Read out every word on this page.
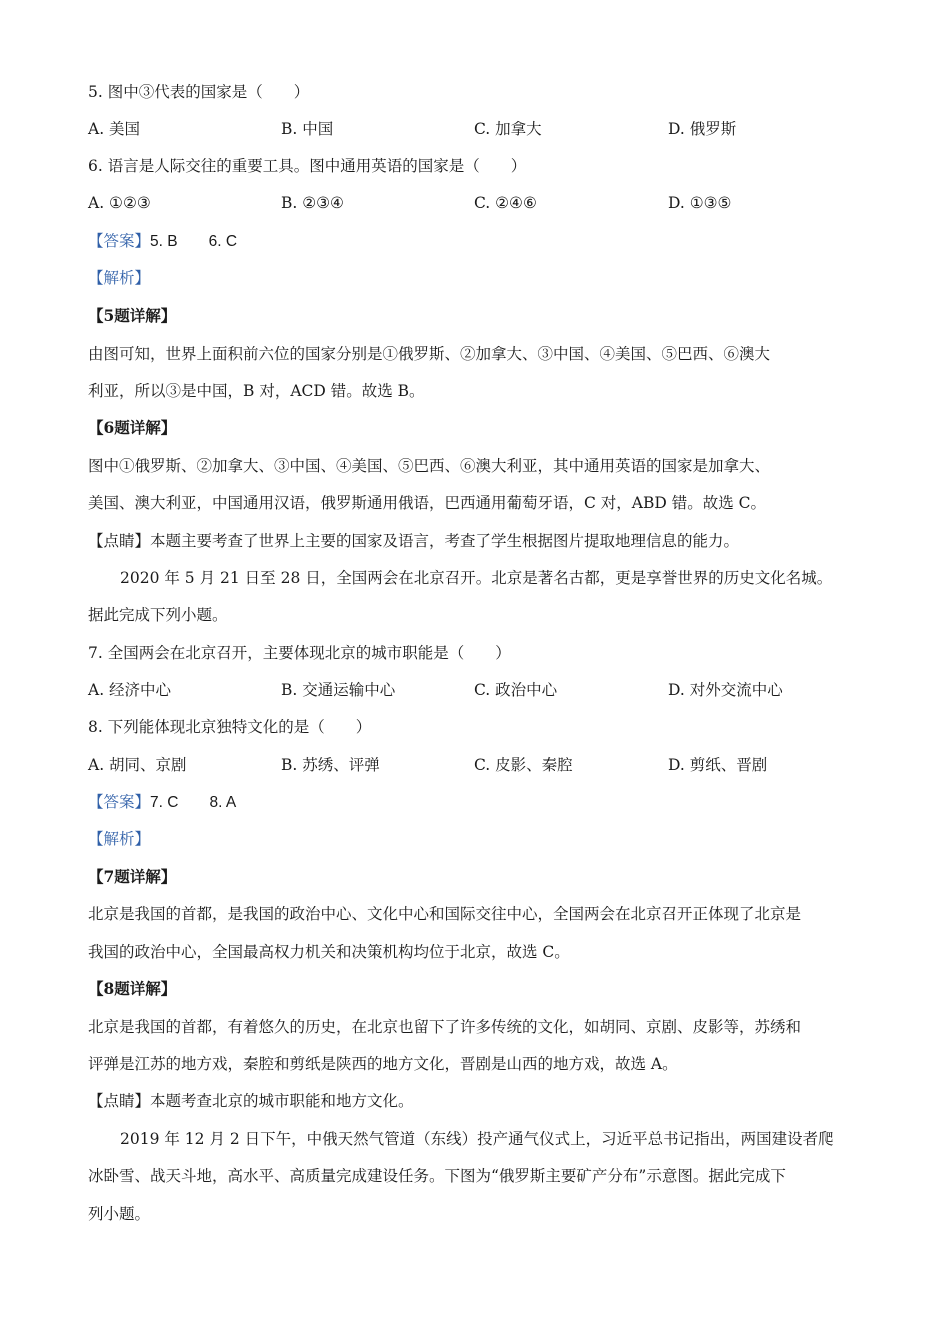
5. 图中③代表的国家是（　　）
A. 美国	B. 中国	C. 加拿大	D. 俄罗斯
6. 语言是人际交往的重要工具。图中通用英语的国家是（　　）
A. ①②③	B. ②③④	C. ②④⑥	D. ①③⑤
【答案】5. B　　6. C
【解析】
【5题详解】
由图可知，世界上面积前六位的国家分别是①俄罗斯、②加拿大、③中国、④美国、⑤巴西、⑥澳大
利亚，所以③是中国，B 对，ACD 错。故选 B。
【6题详解】
图中①俄罗斯、②加拿大、③中国、④美国、⑤巴西、⑥澳大利亚，其中通用英语的国家是加拿大、
美国、澳大利亚，中国通用汉语，俄罗斯通用俄语，巴西通用葡萄牙语，C 对，ABD 错。故选 C。
【点睛】本题主要考查了世界上主要的国家及语言，考查了学生根据图片提取地理信息的能力。
2020 年 5 月 21 日至 28 日，全国两会在北京召开。北京是著名古都，更是享誉世界的历史文化名城。
据此完成下列小题。
7. 全国两会在北京召开，主要体现北京的城市职能是（　　）
A. 经济中心	B. 交通运输中心	C. 政治中心	D. 对外交流中心
8. 下列能体现北京独特文化的是（　　）
A. 胡同、京剧	B. 苏绣、评弹	C. 皮影、秦腔	D. 剪纸、晋剧
【答案】7. C　　8. A
【解析】
【7题详解】
北京是我国的首都，是我国的政治中心、文化中心和国际交往中心，全国两会在北京召开正体现了北京是
我国的政治中心，全国最高权力机关和决策机构均位于北京，故选 C。
【8题详解】
北京是我国的首都，有着悠久的历史，在北京也留下了许多传统的文化，如胡同、京剧、皮影等，苏绣和
评弹是江苏的地方戏，秦腔和剪纸是陕西的地方文化，晋剧是山西的地方戏，故选 A。
【点睛】本题考查北京的城市职能和地方文化。
2019 年 12 月 2 日下午，中俄天然气管道（东线）投产通气仪式上，习近平总书记指出，两国建设者爬
冰卧雪、战天斗地，高水平、高质量完成建设任务。下图为“俄罗斯主要矿产分布”示意图。据此完成下
列小题。
